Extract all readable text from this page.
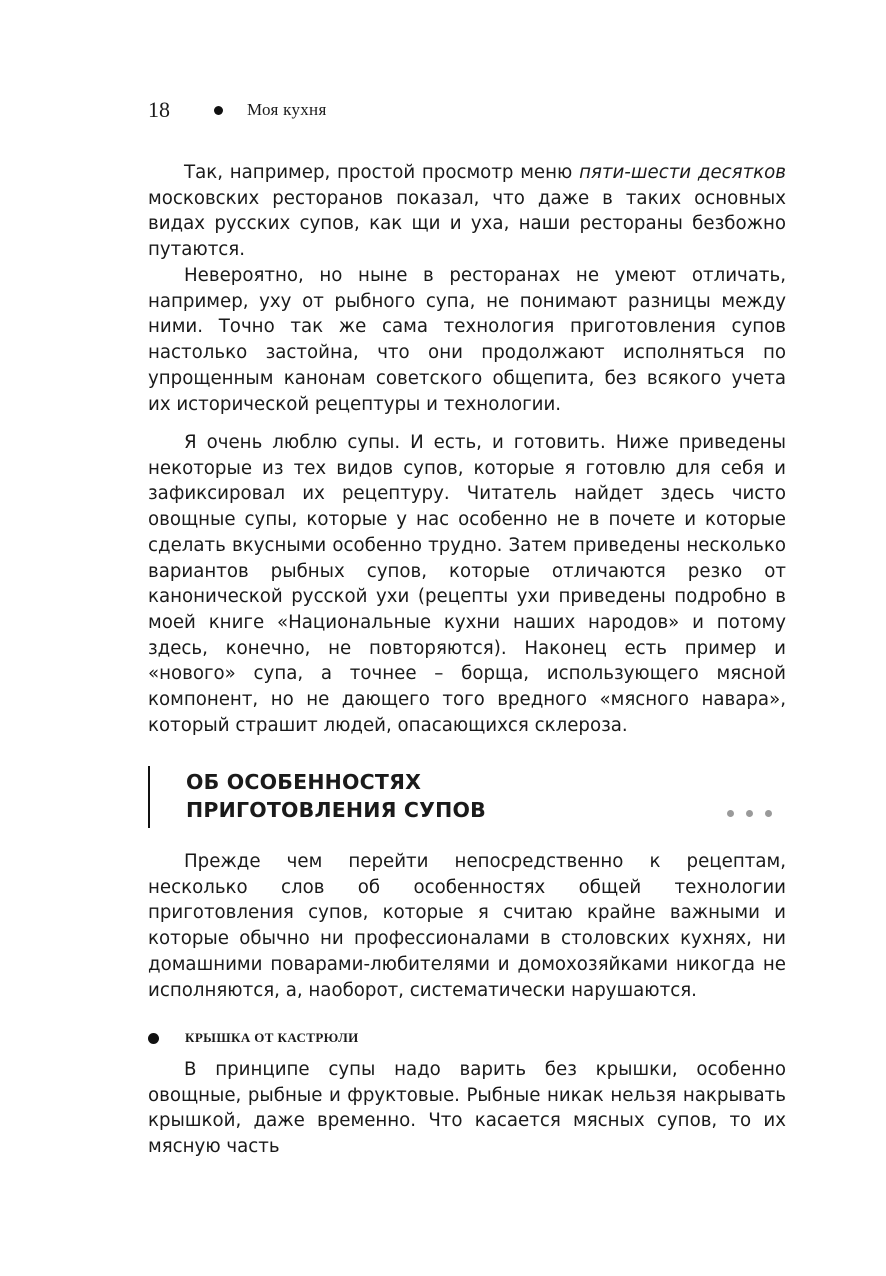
18	Моя кухня

Так, например, простой просмотр меню пяти-шести десятков московских ресторанов показал, что даже в таких основных видах русских супов, как щи и уха, наши рестораны безбожно путаются.

Невероятно, но ныне в ресторанах не умеют отличать, например, уху от рыбного супа, не понимают разницы между ними. Точно так же сама технология приготовления супов настолько застойна, что они продолжают исполняться по упрощенным канонам советского общепита, без всякого учета их исторической рецептуры и технологии.

Я очень люблю супы. И есть, и готовить. Ниже приведены некоторые из тех видов супов, которые я готовлю для себя и зафиксировал их рецептуру. Читатель найдет здесь чисто овощные супы, которые у нас особенно не в почете и которые сделать вкусными особенно трудно. Затем приведены несколько вариантов рыбных супов, которые отличаются резко от канонической русской ухи (рецепты ухи приведены подробно в моей книге «Национальные кухни наших народов» и потому здесь, конечно, не повторяются). Наконец есть пример и «нового» супа, а точнее – борща, использующего мясной компонент, но не дающего того вредного «мясного навара», который страшит людей, опасающихся склероза.

ОБ ОСОБЕННОСТЯХ
ПРИГОТОВЛЕНИЯ СУПОВ

Прежде чем перейти непосредственно к рецептам, несколько слов об особенностях общей технологии приготовления супов, которые я считаю крайне важными и которые обычно ни профессионалами в столовских кухнях, ни домашними поварами-любителями и домохозяйками никогда не исполняются, а, наоборот, систематически нарушаются.

КРЫШКА ОТ КАСТРЮЛИ

В принципе супы надо варить без крышки, особенно овощные, рыбные и фруктовые. Рыбные никак нельзя накрывать крышкой, даже временно. Что касается мясных супов, то их мясную часть
